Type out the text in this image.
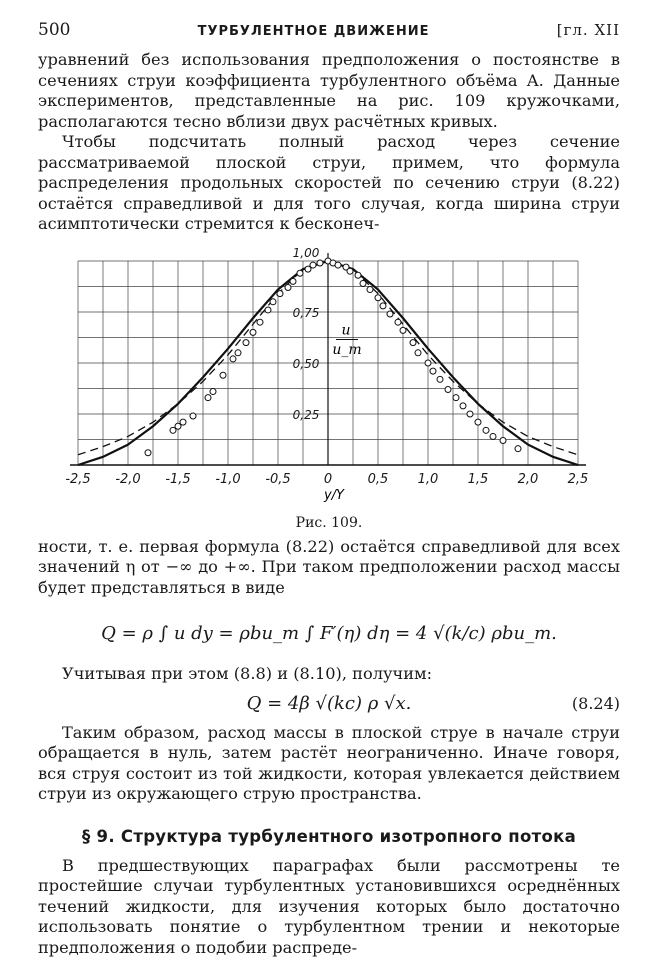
500	ТУРБУЛЕНТНОЕ ДВИЖЕНИЕ	[гл. XII

уравнений без использования предположения о постоянстве в сечениях струи коэффициента турбулентного объёма A. Данные экспериментов, представленные на рис. 109 кружочками, располагаются тесно вблизи двух расчётных кривых.

Чтобы подсчитать полный расход через сечение рассматриваемой плоской струи, примем, что формула распределения продольных скоростей по сечению струи (8.22) остаётся справедливой и для того случая, когда ширина струи асимптотически стремится к бесконеч-

-2,5 -2,0 -1,5 -1,0 -0,5	0	0,5 1,0 1,5 2,0 2,5
0,25
0,50
0,75
1,00
u
u_m
y/Y
Рис. 109.

ности, т. е. первая формула (8.22) остаётся справедливой для всех значений η от −∞ до +∞. При таком предположении расход массы будет представляться в виде

Q = ρ ∫ u dy = ρbu_m ∫ F′(η) dη = 4 √(k/c) ρbu_m.

Учитывая при этом (8.8) и (8.10), получим:

Q = 4β √(kc) ρ √x.	(8.24)

Таким образом, расход массы в плоской струе в начале струи обращается в нуль, затем растёт неограниченно. Иначе говоря, вся струя состоит из той жидкости, которая увлекается действием струи из окружающего струю пространства.

§ 9. Структура турбулентного изотропного потока

В предшествующих параграфах были рассмотрены те простейшие случаи турбулентных установившихся осреднённых течений жидкости, для изучения которых было достаточно использовать понятие о турбулентном трении и некоторые предположения о подобии распреде-
